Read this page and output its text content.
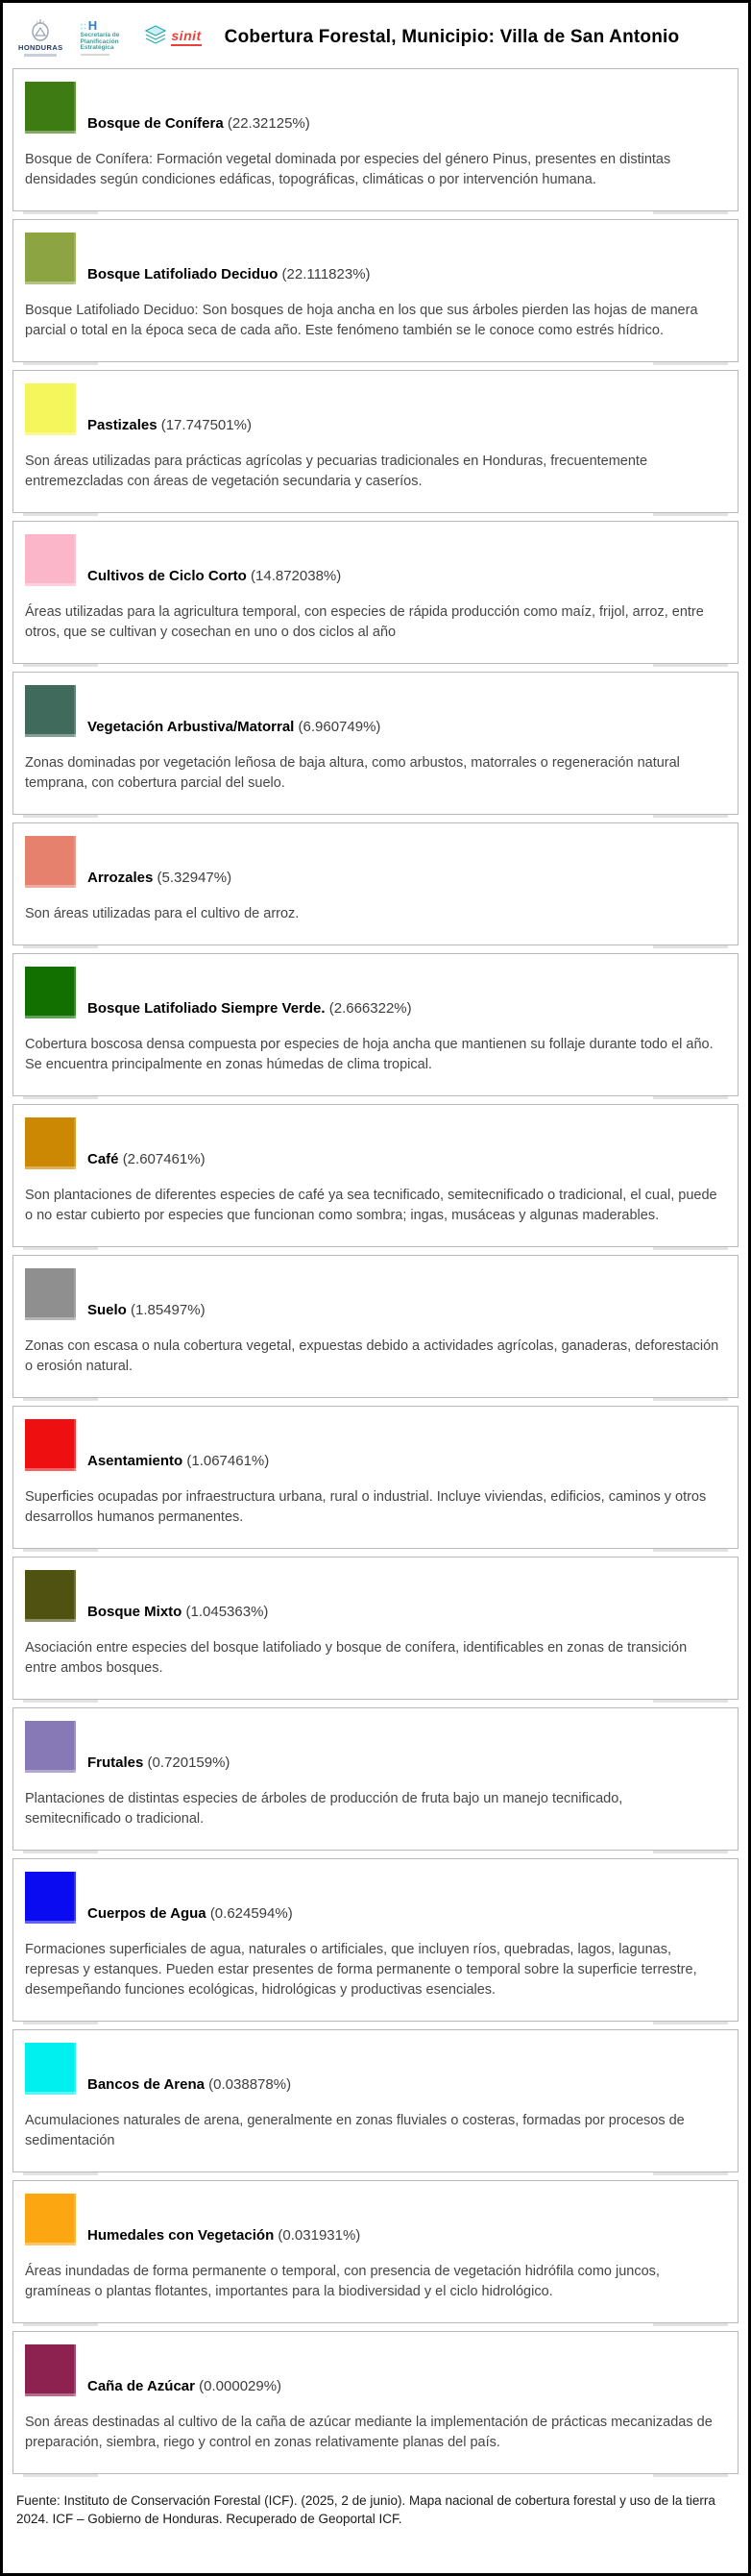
HONDURAS
∶∶H
Secretaría de
Planificación
Estratégica
sinit Cobertura Forestal, Municipio: Villa de San Antonio
Bosque de Conífera (22.32125%)

Bosque de Conífera: Formación vegetal dominada por especies del género Pinus, presentes en distintas densidades según condiciones edáficas, topográficas, climáticas o por intervención humana.

Bosque Latifoliado Deciduo (22.111823%)

Bosque Latifoliado Deciduo: Son bosques de hoja ancha en los que sus árboles pierden las hojas de manera parcial o total en la época seca de cada año. Este fenómeno también se le conoce como estrés hídrico.

Pastizales (17.747501%)

Son áreas utilizadas para prácticas agrícolas y pecuarias tradicionales en Honduras, frecuentemente entremezcladas con áreas de vegetación secundaria y caseríos.

Cultivos de Ciclo Corto (14.872038%)

Áreas utilizadas para la agricultura temporal, con especies de rápida producción como maíz, frijol, arroz, entre otros, que se cultivan y cosechan en uno o dos ciclos al año

Vegetación Arbustiva/Matorral (6.960749%)

Zonas dominadas por vegetación leñosa de baja altura, como arbustos, matorrales o regeneración natural temprana, con cobertura parcial del suelo.

Arrozales (5.32947%)

Son áreas utilizadas para el cultivo de arroz.

Bosque Latifoliado Siempre Verde. (2.666322%)

Cobertura boscosa densa compuesta por especies de hoja ancha que mantienen su follaje durante todo el año. Se encuentra principalmente en zonas húmedas de clima tropical.

Café (2.607461%)

Son plantaciones de diferentes especies de café ya sea tecnificado, semitecnificado o tradicional, el cual, puede o no estar cubierto por especies que funcionan como sombra; ingas, musáceas y algunas maderables.

Suelo (1.85497%)

Zonas con escasa o nula cobertura vegetal, expuestas debido a actividades agrícolas, ganaderas, deforestación o erosión natural.

Asentamiento (1.067461%)

Superficies ocupadas por infraestructura urbana, rural o industrial. Incluye viviendas, edificios, caminos y otros desarrollos humanos permanentes.

Bosque Mixto (1.045363%)

Asociación entre especies del bosque latifoliado y bosque de conífera, identificables en zonas de transición entre ambos bosques.

Frutales (0.720159%)

Plantaciones de distintas especies de árboles de producción de fruta bajo un manejo tecnificado, semitecnificado o tradicional.

Cuerpos de Agua (0.624594%)

Formaciones superficiales de agua, naturales o artificiales, que incluyen ríos, quebradas, lagos, lagunas, represas y estanques. Pueden estar presentes de forma permanente o temporal sobre la superficie terrestre, desempeñando funciones ecológicas, hidrológicas y productivas esenciales.

Bancos de Arena (0.038878%)

Acumulaciones naturales de arena, generalmente en zonas fluviales o costeras, formadas por procesos de sedimentación

Humedales con Vegetación (0.031931%)

Áreas inundadas de forma permanente o temporal, con presencia de vegetación hidrófila como juncos, gramíneas o plantas flotantes, importantes para la biodiversidad y el ciclo hidrológico.

Caña de Azúcar (0.000029%)

Son áreas destinadas al cultivo de la caña de azúcar mediante la implementación de prácticas mecanizadas de preparación, siembra, riego y control en zonas relativamente planas del país.

Fuente: Instituto de Conservación Forestal (ICF). (2025, 2 de junio). Mapa nacional de cobertura forestal y uso de la tierra 2024. ICF – Gobierno de Honduras. Recuperado de Geoportal ICF.
